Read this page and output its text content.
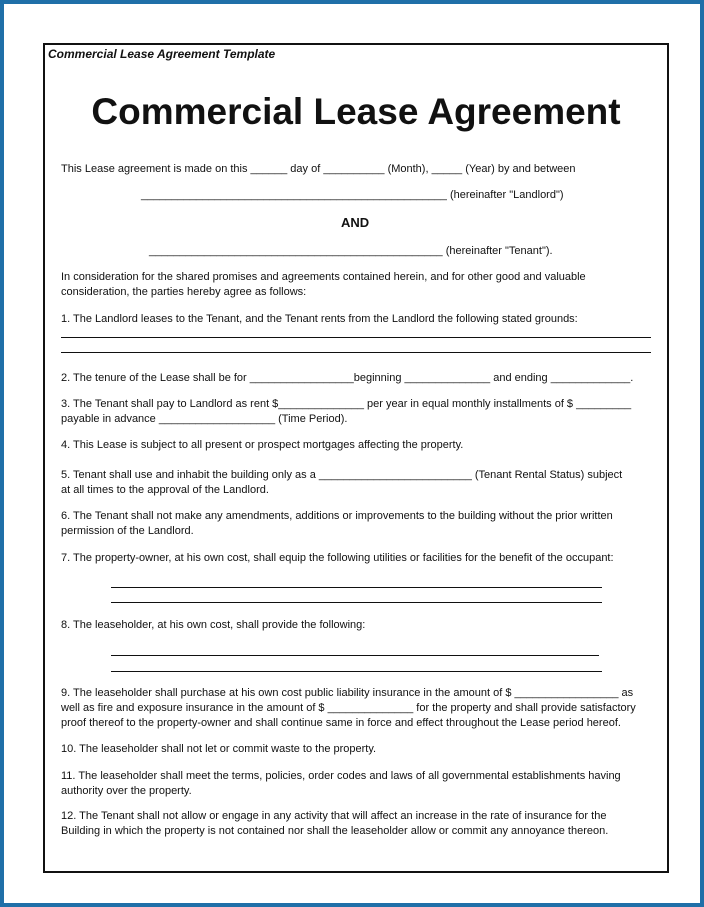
Commercial Lease Agreement Template
Commercial Lease Agreement
This Lease agreement is made on this ______ day of __________ (Month), _____ (Year) by and between
__________________________________________________ (hereinafter "Landlord")
AND
________________________________________________ (hereinafter "Tenant").
In consideration for the shared promises and agreements contained herein, and for other good and valuable
consideration, the parties hereby agree as follows:
1. The Landlord leases to the Tenant, and the Tenant rents from the Landlord the following stated grounds:
2. The tenure of the Lease shall be for _________________beginning ______________ and ending _____________.
3. The Tenant shall pay to Landlord as rent $______________ per year in equal monthly installments of $ _________
payable in advance ___________________ (Time Period).
4. This Lease is subject to all present or prospect mortgages affecting the property.
5. Tenant shall use and inhabit the building only as a _________________________ (Tenant Rental Status) subject
at all times to the approval of the Landlord.
6. The Tenant shall not make any amendments, additions or improvements to the building without the prior written
permission of the Landlord.
7. The property-owner, at his own cost, shall equip the following utilities or facilities for the benefit of the occupant:
8. The leaseholder, at his own cost, shall provide the following:
9. The leaseholder shall purchase at his own cost public liability insurance in the amount of $ _________________ as
well as fire and exposure insurance in the amount of $ ______________ for the property and shall provide satisfactory
proof thereof to the property-owner and shall continue same in force and effect throughout the Lease period hereof.
10. The leaseholder shall not let or commit waste to the property.
11. The leaseholder shall meet the terms, policies, order codes and laws of all governmental establishments having
authority over the property.
12. The Tenant shall not allow or engage in any activity that will affect an increase in the rate of insurance for the
Building in which the property is not contained nor shall the leaseholder allow or commit any annoyance thereon.
